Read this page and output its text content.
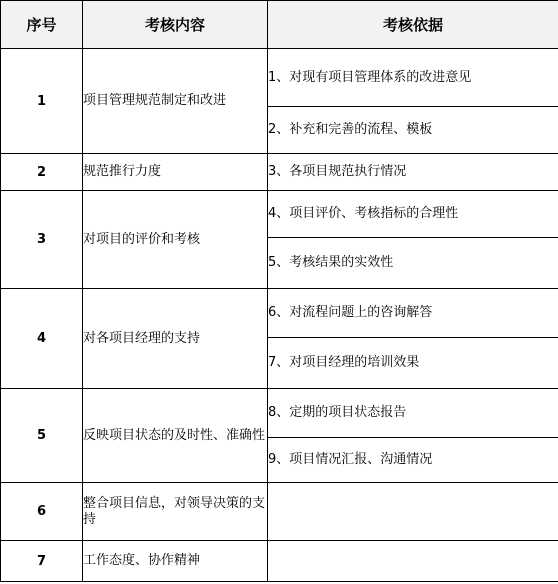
序号	考核内容	考核依据
1	项目管理规范制定和改进	1、对现有项目管理体系的改进意见
		2、补充和完善的流程、模板
2	规范推行力度	3、各项目规范执行情况
3	对项目的评价和考核	4、项目评价、考核指标的合理性
		5、考核结果的实效性
4	对各项目经理的支持	6、对流程问题上的咨询解答
		7、对项目经理的培训效果
5	反映项目状态的及时性、准确性	8、定期的项目状态报告
		9、项目情况汇报、沟通情况
6	整合项目信息，对领导决策的支持	
7	工作态度、协作精神	
